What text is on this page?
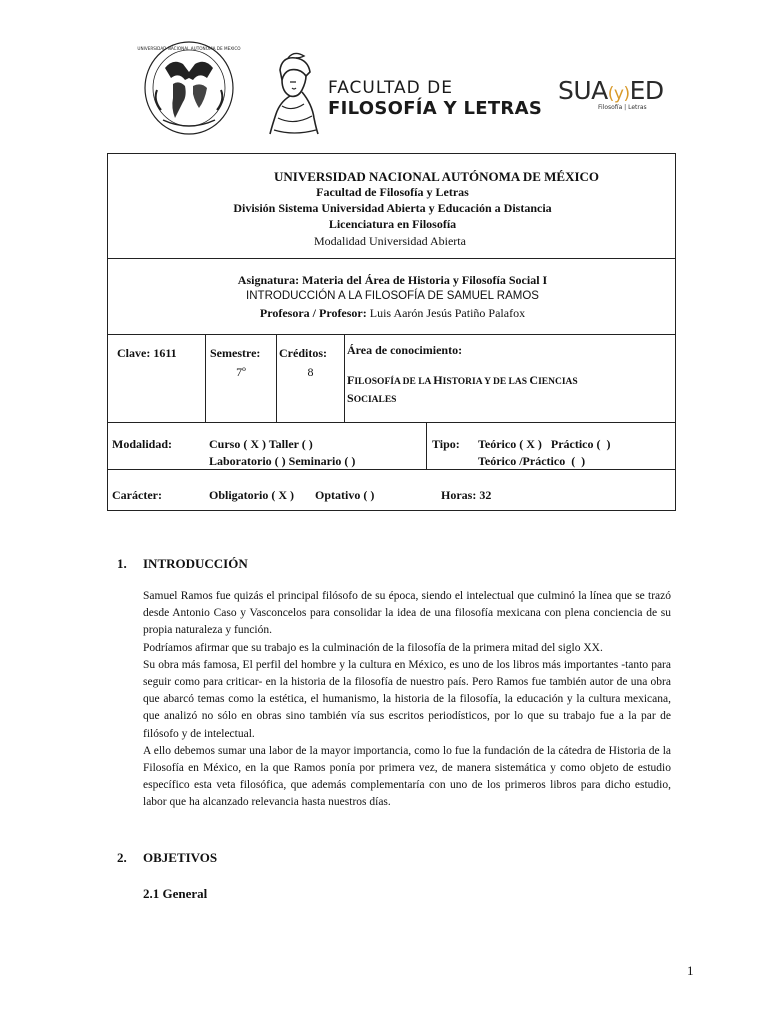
UNIVERSIDAD NACIONAL AUTONOMA DE MEXICO
FACULTAD DE
FILOSOFÍA Y LETRAS
SUA(y)ED
Filosofía | Letras
UNIVERSIDAD NACIONAL AUTÓNOMA DE MÉXICO
Facultad de Filosofía y Letras
División Sistema Universidad Abierta y Educación a Distancia
Licenciatura en Filosofía
Modalidad Universidad Abierta
Asignatura: Materia del Área de Historia y Filosofía Social I
INTRODUCCIÓN A LA FILOSOFÍA DE SAMUEL RAMOS
Profesora / Profesor: Luis Aarón Jesús Patiño Palafox
Clave: 1611	Semestre:
7º
Créditos:
8
Área de conocimiento:
FILOSOFÍA DE LA HISTORIA Y DE LAS CIENCIAS
SOCIALES
Modalidad:	Curso ( X ) Taller ( )
Laboratorio ( ) Seminario ( )
Tipo: Teórico ( X )   Práctico (  )
Teórico /Práctico  (  )
Carácter:	Obligatorio ( X )       Optativo ( )	Horas: 32
1. INTRODUCCIÓN

Samuel Ramos fue quizás el principal filósofo de su época, siendo el intelectual que culminó la línea que se trazó desde Antonio Caso y Vasconcelos para consolidar la idea de una filosofía mexicana con plena conciencia de su propia naturaleza y función.

Podríamos afirmar que su trabajo es la culminación de la filosofía de la primera mitad del siglo XX.

Su obra más famosa, El perfil del hombre y la cultura en México, es uno de los libros más importantes -tanto para seguir como para criticar- en la historia de la filosofía de nuestro país. Pero Ramos fue también autor de una obra que abarcó temas como la estética, el humanismo, la historia de la filosofía, la educación y la cultura mexicana, que analizó no sólo en obras sino también vía sus escritos periodísticos, por lo que su trabajo fue a la par de filósofo y de intelectual.

A ello debemos sumar una labor de la mayor importancia, como lo fue la fundación de la cátedra de Historia de la Filosofía en México, en la que Ramos ponía por primera vez, de manera sistemática y como objeto de estudio específico esta veta filosófica, que además complementaría con uno de los primeros libros para dicho estudio, labor que ha alcanzado relevancia hasta nuestros días.

2. OBJETIVOS
2.1 General
1
